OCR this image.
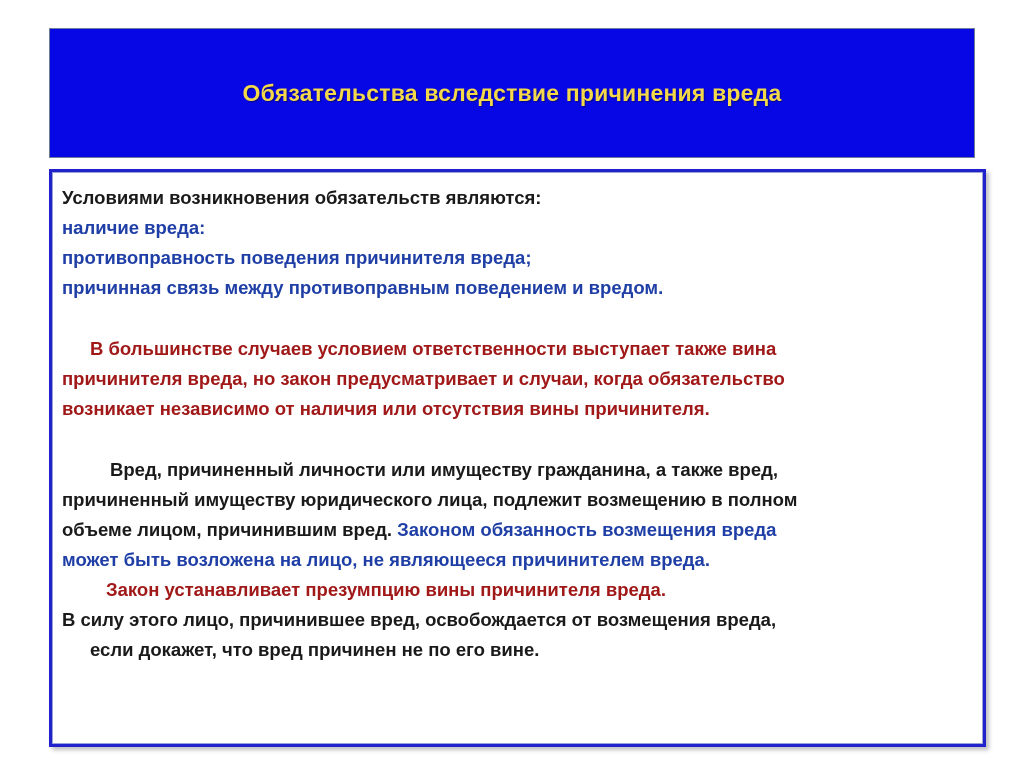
Обязательства вследствие причинения вреда
Условиями возникновения обязательств являются:
наличие вреда:
противоправность поведения причинителя вреда;
причинная связь между противоправным поведением и вредом.
В большинстве случаев условием ответственности выступает также вина
причинителя вреда, но закон предусматривает и случаи, когда обязательство
возникает независимо от наличия или отсутствия вины причинителя.
Вред, причиненный личности или имуществу гражданина, а также вред,
причиненный имуществу юридического лица, подлежит возмещению в полном
объеме лицом, причинившим вред. Законом обязанность возмещения вреда
может быть возложена на лицо, не являющееся причинителем вреда.
Закон устанавливает презумпцию вины причинителя вреда.
В силу этого лицо, причинившее вред, освобождается от возмещения вреда,
если докажет, что вред причинен не по его вине.
